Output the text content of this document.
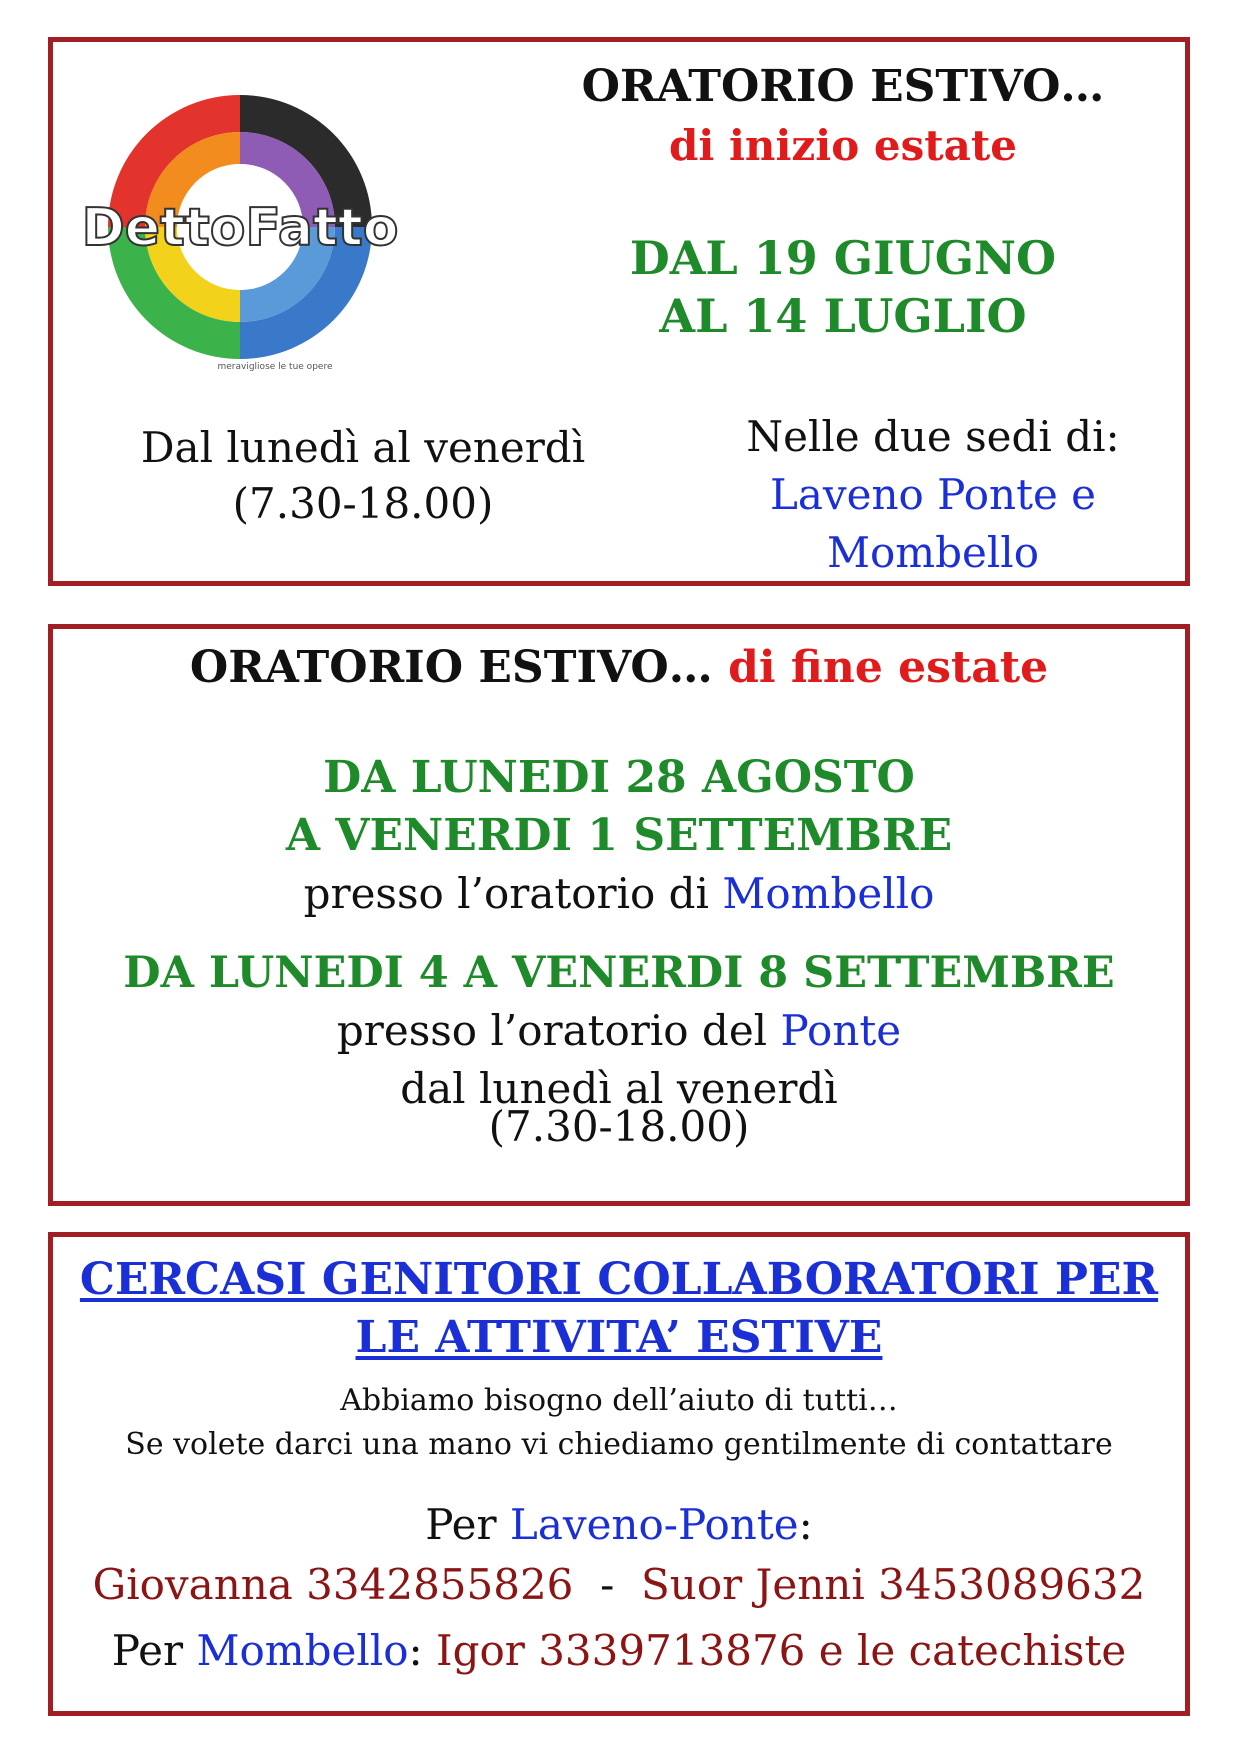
DettoFatto
meravigliose le tue opere
ORATORIO ESTIVO…
di inizio estate
DAL 19 GIUGNO
AL 14 LUGLIO
Dal lunedì al venerdì
(7.30-18.00)
Nelle due sedi di:
Laveno Ponte e
Mombello
ORATORIO ESTIVO… di fine estate
DA LUNEDI 28 AGOSTO
A VENERDI 1 SETTEMBRE
presso l’oratorio di Mombello
DA LUNEDI 4 A VENERDI 8 SETTEMBRE
presso l’oratorio del Ponte
dal lunedì al venerdì
(7.30-18.00)
CERCASI GENITORI COLLABORATORI PER
LE ATTIVITA’ ESTIVE
Abbiamo bisogno dell’aiuto di tutti…
Se volete darci una mano vi chiediamo gentilmente di contattare
Per Laveno-Ponte:
Giovanna 3342855826 - Suor Jenni 3453089632
Per Mombello: Igor 3339713876 e le catechiste
